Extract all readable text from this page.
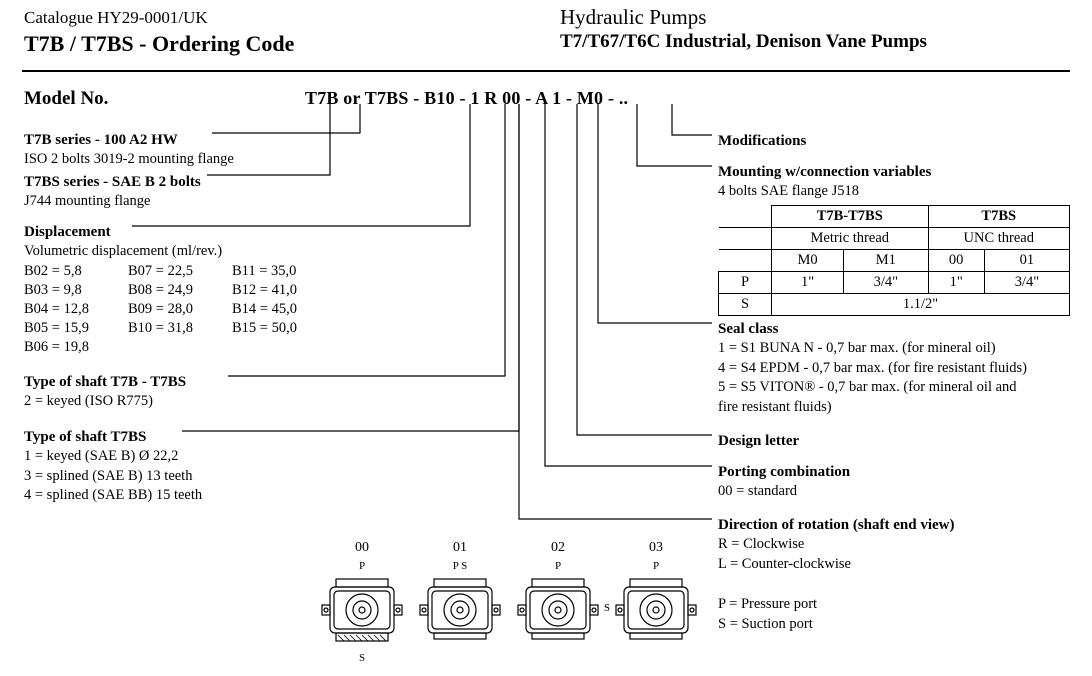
Catalogue HY29-0001/UK
T7B / T7BS - Ordering Code
Hydraulic Pumps
T7/T67/T6C Industrial, Denison Vane Pumps
Model No.	T7B or T7BS - B10 - 1 R 00 - A 1 - M0 - ..
T7B series - 100 A2 HW
ISO 2 bolts 3019-2 mounting flange
T7BS series - SAE B 2 bolts
J744 mounting flange
Displacement
Volumetric displacement (ml/rev.)
B02 = 5,8	B07 = 22,5	B11 = 35,0
B03 = 9,8	B08 = 24,9	B12 = 41,0
B04 = 12,8	B09 = 28,0	B14 = 45,0
B05 = 15,9	B10 = 31,8	B15 = 50,0
B06 = 19,8		
Type of shaft T7B - T7BS
2 = keyed (ISO R775)
Type of shaft T7BS
1 = keyed (SAE B) Ø 22,2
3 = splined (SAE B) 13 teeth
4 = splined (SAE BB) 15 teeth
Modifications
Mounting w/connection variables
4 bolts SAE flange J518
	T7B-T7BS		T7BS	
	Metric thread		UNC thread	
	M0	M1	00	01
P	1"	3/4"	1"	3/4"
S	1.1/2"			
Seal class
1 = S1 BUNA N - 0,7 bar max. (for mineral oil)
4 = S4 EPDM - 0,7 bar max. (for fire resistant fluids)
5 = S5 VITON® - 0,7 bar max. (for mineral oil and
fire resistant fluids)
Design letter
Porting combination
00 = standard
Direction of rotation (shaft end view)
R = Clockwise
L = Counter-clockwise
P = Pressure port
S = Suction port
00
P
S
01
P S
02
P
S
03
P
